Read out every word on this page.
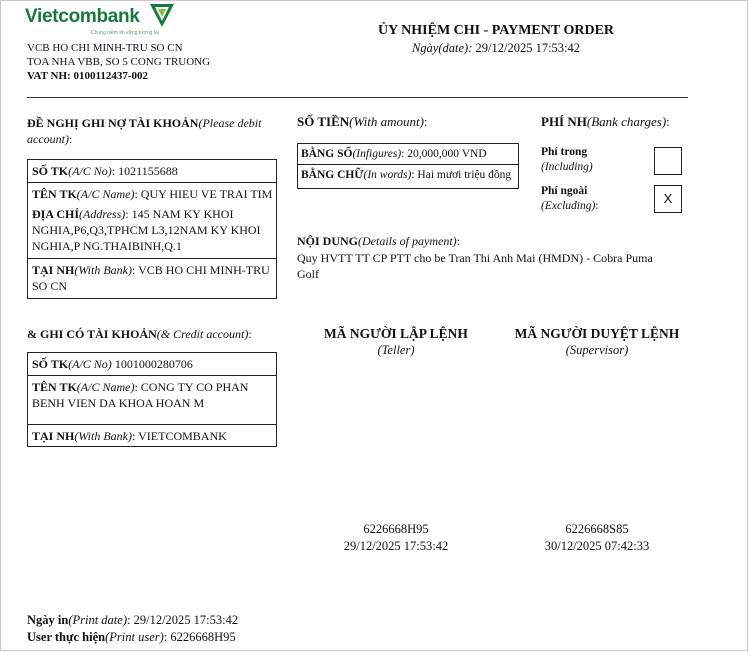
Vietcombank
Chung niềm tin vững tương lai
VCB HO CHI MINH-TRU SO CN
TOA NHA VBB, SO 5 CONG TRUONG
VAT NH: 0100112437-002
ỦY NHIỆM CHI - PAYMENT ORDER
Ngày(date): 29/12/2025 17:53:42
ĐỀ NGHỊ GHI NỢ TÀI KHOẢN(Please debit account):
SỐ TK(A/C No): 1021155688
TÊN TK(A/C Name): QUY HIEU VE TRAI TIM
ĐỊA CHỈ(Address): 145 NAM KY KHOI NGHIA,P6,Q3,TPHCM L3,12NAM KY KHOI NGHIA,P NG.THAIBINH,Q.1
TẠI NH(With Bank): VCB HO CHI MINH-TRU SO CN
& GHI CÓ TÀI KHOẢN(& Credit account):
SỐ TK(A/C No) 1001000280706
TÊN TK(A/C Name): CONG TY CO PHAN BENH VIEN DA KHOA HOAN M
TẠI NH(With Bank): VIETCOMBANK
SỐ TIỀN(With amount):
BẰNG SỐ(Infigures): 20,000,000 VND
BẰNG CHỮ(In words): Hai mươi triệu đồng
PHÍ NH(Bank charges):
Phí trong
(Including)
Phí ngoài
(Excluding):	X
NỘI DUNG(Details of payment):
Quy HVTT TT CP PTT cho be Tran Thi Anh Mai (HMDN) - Cobra Puma Golf
MÃ NGƯỜI LẬP LỆNH
(Teller)
6226668H95
29/12/2025 17:53:42
MÃ NGƯỜI DUYỆT LỆNH
(Supervisor)
6226668S85
30/12/2025 07:42:33
Ngày in(Print date): 29/12/2025 17:53:42
User thực hiện(Print user): 6226668H95
